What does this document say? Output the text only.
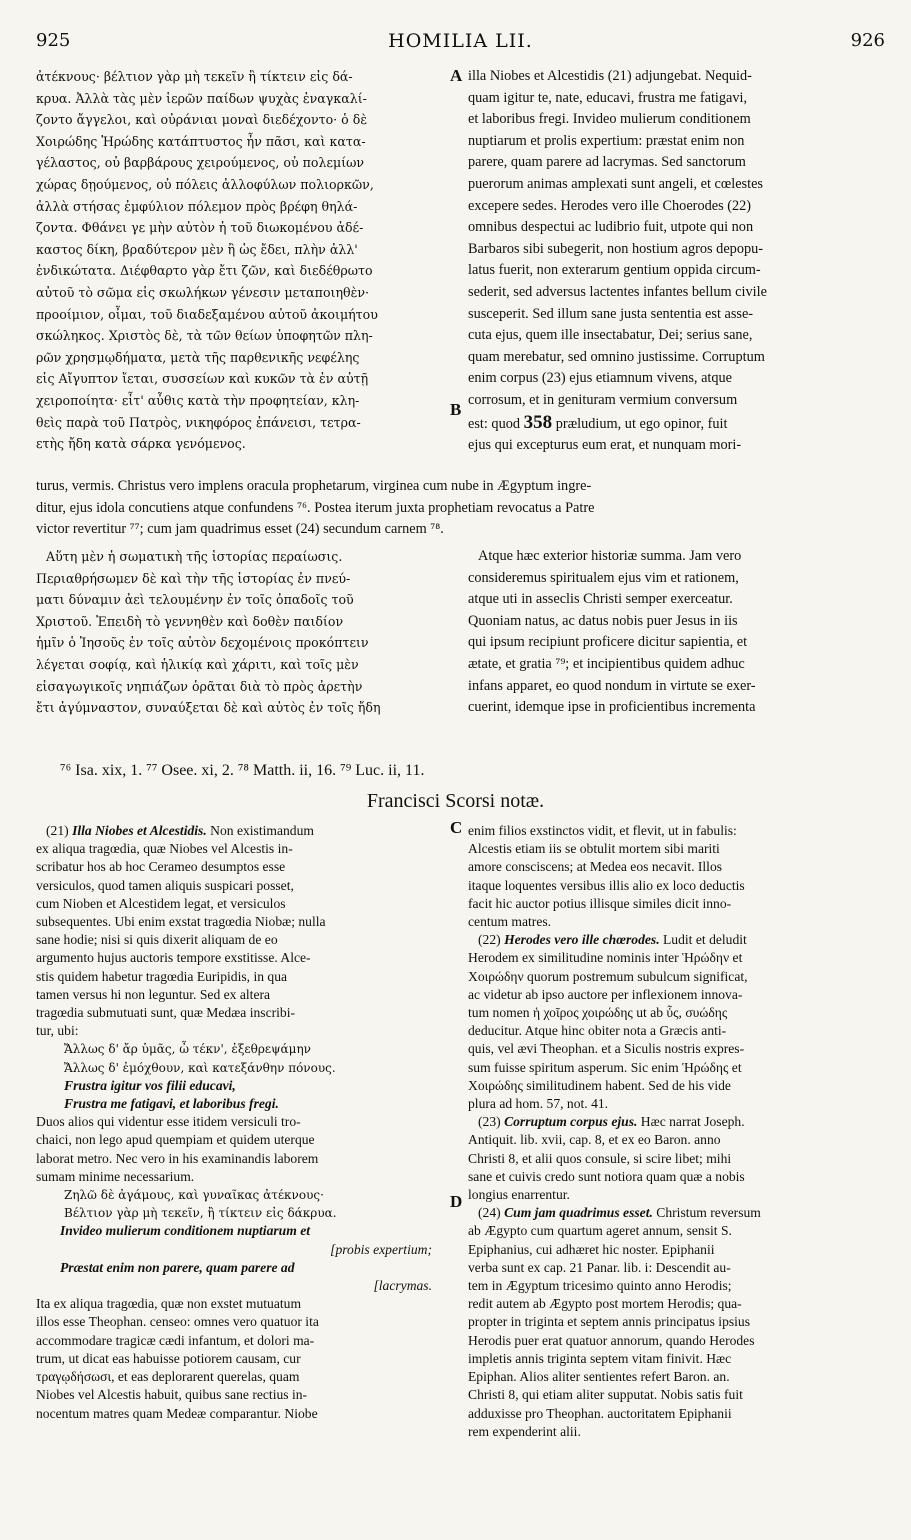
925	HOMILIA LII.	926
ἀτέκνους· βέλτιον γὰρ μὴ τεκεῖν ἢ τίκτειν εἰς δά-
κρυα. Ἀλλὰ τὰς μὲν ἱερῶν παίδων ψυχὰς ἐναγκαλί-
ζοντο ἄγγελοι, καὶ οὐράνιαι μοναὶ διεδέχοντο· ὁ δὲ
Χοιρώδης Ἡρώδης κατάπτυστος ἦν πᾶσι, καὶ κατα-
γέλαστος, οὐ βαρβάρους χειρούμενος, οὐ πολεμίων
χώρας δῃούμενος, οὐ πόλεις ἀλλοφύλων πολιορκῶν,
ἀλλὰ στήσας ἐμφύλιον πόλεμον πρὸς βρέφη θηλά-
ζοντα. Φθάνει γε μὴν αὐτὸν ἡ τοῦ διωκομένου ἀδέ-
καστος δίκη, βραδύτερον μὲν ἢ ὡς ἔδει, πλὴν ἀλλ'
ἐνδικώτατα. Διέφθαρτο γὰρ ἔτι ζῶν, καὶ διεδέθρωτο
αὐτοῦ τὸ σῶμα εἰς σκωλήκων γένεσιν μεταποιηθὲν·
προοίμιον, οἶμαι, τοῦ διαδεξαμένου αὐτοῦ ἀκοιμήτου
σκώληκος. Χριστὸς δὲ, τὰ τῶν θείων ὑποφητῶν πλη-
ρῶν χρησμῳδήματα, μετὰ τῆς παρθενικῆς νεφέλης
εἰς Αἴγυπτον ἴεται, συσσείων καὶ κυκῶν τὰ ἐν αὐτῇ
χειροποίητα· εἶτ' αὖθις κατὰ τὴν προφητείαν, κλη-
θεὶς παρὰ τοῦ Πατρὸς, νικηφόρος ἐπάνεισι, τετρα-
ετὴς ἤδη κατὰ σάρκα γενόμενος.
A
B
illa Niobes et Alcestidis (21) adjungebat. Nequid-
quam igitur te, nate, educavi, frustra me fatigavi,
et laboribus fregi. Invideo mulierum conditionem
nuptiarum et prolis expertium: præstat enim non
parere, quam parere ad lacrymas. Sed sanctorum
puerorum animas amplexati sunt angeli, et cœlestes
excepere sedes. Herodes vero ille Choerodes (22)
omnibus despectui ac ludibrio fuit, utpote qui non
Barbaros sibi subegerit, non hostium agros depopu-
latus fuerit, non exterarum gentium oppida circum-
sederit, sed adversus lactentes infantes bellum civile
susceperit. Sed illum sane justa sententia est asse-
cuta ejus, quem ille insectabatur, Dei; serius sane,
quam merebatur, sed omnino justissime. Corruptum
enim corpus (23) ejus etiamnum vivens, atque
corrosum, et in genituram vermium conversum
est: quod 358 præludium, ut ego opinor, fuit
ejus qui excepturus eum erat, et nunquam mori-
turus, vermis. Christus vero implens oracula prophetarum, virginea cum nube in Ægyptum ingre-
ditur, ejus idola concutiens atque confundens ⁷⁶. Postea iterum juxta prophetiam revocatus a Patre
victor revertitur ⁷⁷; cum jam quadrimus esset (24) secundum carnem ⁷⁸.
Αὕτη μὲν ἡ σωματικὴ τῆς ἱστορίας περαίωσις.
Περιαθρήσωμεν δὲ καὶ τὴν τῆς ἱστορίας ἐν πνεύ-
ματι δύναμιν ἀεὶ τελουμένην ἐν τοῖς ὀπαδοῖς τοῦ
Χριστοῦ. Ἐπειδὴ τὸ γεννηθὲν καὶ δοθὲν παιδίον
ἡμῖν ὁ Ἰησοῦς ἐν τοῖς αὐτὸν δεχομένοις προκόπτειν
λέγεται σοφίᾳ, καὶ ἡλικίᾳ καὶ χάριτι, καὶ τοῖς μὲν
εἰσαγωγικοῖς νηπιάζων ὁρᾶται διὰ τὸ πρὸς ἀρετὴν
ἔτι ἀγύμναστον, συναύξεται δὲ καὶ αὐτὸς ἐν τοῖς ἤδη
Atque hæc exterior historiæ summa. Jam vero
consideremus spiritualem ejus vim et rationem,
atque uti in asseclis Christi semper exerceatur.
Quoniam natus, ac datus nobis puer Jesus in iis
qui ipsum recipiunt proficere dicitur sapientia, et
ætate, et gratia ⁷⁹; et incipientibus quidem adhuc
infans apparet, eo quod nondum in virtute se exer-
cuerint, idemque ipse in proficientibus incrementa
⁷⁶ Isa. xix, 1. ⁷⁷ Osee. xi, 2. ⁷⁸ Matth. ii, 16. ⁷⁹ Luc. ii, 11.
Francisci Scorsi notæ.
C
D
(21) Illa Niobes et Alcestidis. Non existimandum
ex aliqua tragœdia, quæ Niobes vel Alcestis in-
scribatur hos ab hoc Cerameo desumptos esse
versiculos, quod tamen aliquis suspicari posset,
cum Nioben et Alcestidem legat, et versiculos
subsequentes. Ubi enim exstat tragœdia Niobæ; nulla
sane hodie; nisi si quis dixerit aliquam de eo
argumento hujus auctoris tempore exstitisse. Alce-
stis quidem habetur tragœdia Euripidis, in qua
tamen versus hi non leguntur. Sed ex altera
tragœdia submutuati sunt, quæ Medæa inscribi-
tur, ubi:
Ἄλλως δ' ἄρ ὑμᾶς, ὦ τέκν', ἐξεθρεψάμην
Ἄλλως δ' ἐμόχθουν, καὶ κατεξάνθην πόνους.
Frustra igitur vos filii educavi,
Frustra me fatigavi, et laboribus fregi.
Duos alios qui videntur esse itidem versiculi tro-
chaici, non lego apud quempiam et quidem uterque
laborat metro. Nec vero in his examinandis laborem
sumam minime necessarium.
Ζηλῶ δὲ ἀγάμους, καὶ γυναῖκας ἀτέκνους·
Βέλτιον γὰρ μὴ τεκεῖν, ἢ τίκτειν εἰς δάκρυα.
Invideo mulierum conditionem nuptiarum et
[probis expertium;
Præstat enim non parere, quam parere ad
[lacrymas.
Ita ex aliqua tragœdia, quæ non exstet mutuatum
illos esse Theophan. censeo: omnes vero quatuor ita
accommodare tragicæ cædi infantum, et dolori ma-
trum, ut dicat eas habuisse potiorem causam, cur
τραγῳδήσωσι, et eas deplorarent querelas, quam
Niobes vel Alcestis habuit, quibus sane rectius in-
nocentum matres quam Medeæ comparantur. Niobe
enim filios exstinctos vidit, et flevit, ut in fabulis:
Alcestis etiam iis se obtulit mortem sibi mariti
amore consciscens; at Medea eos necavit. Illos
itaque loquentes versibus illis alio ex loco deductis
facit hic auctor potius illisque similes dicit inno-
centum matres.
(22) Herodes vero ille chœrodes. Ludit et deludit
Herodem ex similitudine nominis inter Ἡρώδην et
Χοιρώδην quorum postremum subulcum significat,
ac videtur ab ipso auctore per inflexionem innova-
tum nomen ἡ χοῖρος χοιρώδης ut ab ὗς, συώδης
deducitur. Atque hinc obiter nota a Græcis anti-
quis, vel ævi Theophan. et a Siculis nostris expres-
sum fuisse spiritum asperum. Sic enim Ἡρώδης et
Χοιρώδης similitudinem habent. Sed de his vide
plura ad hom. 57, not. 41.
(23) Corruptum corpus ejus. Hæc narrat Joseph.
Antiquit. lib. xvii, cap. 8, et ex eo Baron. anno
Christi 8, et alii quos consule, si scire libet; mihi
sane et cuivis credo sunt notiora quam quæ a nobis
longius enarrentur.
(24) Cum jam quadrimus esset. Christum reversum
ab Ægypto cum quartum ageret annum, sensit S.
Epiphanius, cui adhæret hic noster. Epiphanii
verba sunt ex cap. 21 Panar. lib. i: Descendit au-
tem in Ægyptum tricesimo quinto anno Herodis;
redit autem ab Ægypto post mortem Herodis; qua-
propter in triginta et septem annis principatus ipsius
Herodis puer erat quatuor annorum, quando Herodes
impletis annis triginta septem vitam finivit. Hæc
Epiphan. Alios aliter sentientes refert Baron. an.
Christi 8, qui etiam aliter supputat. Nobis satis fuit
adduxisse pro Theophan. auctoritatem Epiphanii
rem expenderint alii.
